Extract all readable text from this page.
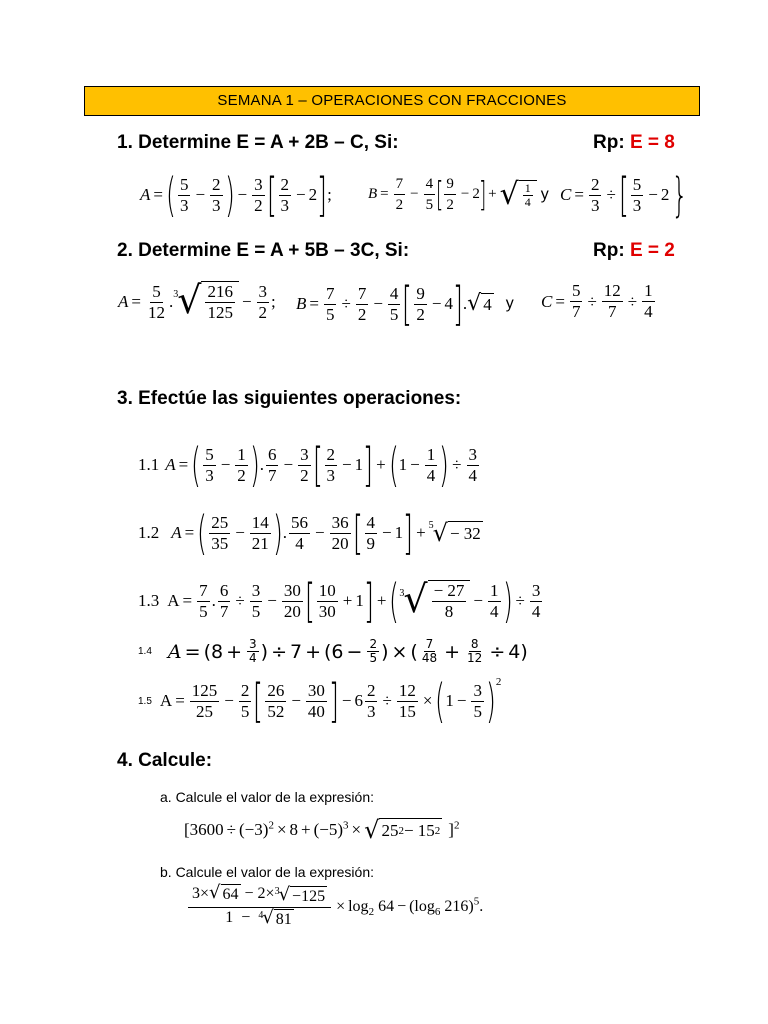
SEMANA 1 – OPERACIONES CON FRACCIONES
1. Determine E = A + 2B – C, Si:	Rp: E = 8
A = ( $\frac{5}{3} - \frac{2}{3}$ ) − $\frac{3}{2}$ [ $\frac{2}{3} - 2$ ] ; $B = \frac{7}{2} - \frac{4}{5}$ [ $\frac{9}{2} - 2$
] + √ $\frac{1}{4}$ y $C = \frac{2}{3}$ ÷ [ $\frac{5}{3} - 2$ }
2. Determine E = A + 5B – 3C, Si:	Rp: E = 2
$A = \frac{5}{12}$ . 3 √ $\frac{216}{125} - \frac{3}{2}$ ; $B = \frac{7}{5} \div \frac{7}{2} - \frac{4}{5}$ [ $\frac{9}{2} - 4$ ] . √ 4 y $C = \frac{5}{7} \div \frac{12}{7} \div \frac{1}{4}$
3. Efectúe las siguientes operaciones:
1.1 A = ( $\frac{5}{3} - \frac{1}{2}$ ) . $\frac{6}{7} - \frac{3}{2}$ [ $\frac{2}{3} - 1$ ] + ( $1 - \frac{1}{4}$ ) ÷ $\frac{3}{4}$
1.2 A = ( $\frac{25}{35} - \frac{14}{21}$ ) . $\frac{56}{4} - \frac{36}{20}$ [ $\frac{4}{9} - 1$ ] + 5 √ − 32
1.3 $A = \frac{7}{5}$ . $\frac{6}{7} \div \frac{3}{5} - \frac{30}{20}$ [ $\frac{10}{30} + 1$ ] + ( 3 √ $\frac{- 27}{8} - \frac{1}{4}$ ) ÷ $\frac{3}{4}$
1.4 $A = (8 + \frac{3}{4}$ ) ÷ $7 + (6 - \frac{2}{5}$ ) × ( $\frac{7}{48} + \frac{8}{12} \div 4$)
1.5 $A = \frac{125}{25} - \frac{2}{5}$ [ $\frac{26}{52} - \frac{30}{40}$ ] − $6 \frac{2}{3} \div \frac{12}{15}$ × ( $1 - \frac{3}{5}$ ) 2
4. Calcule:
a. Calcule el valor de la expresión:
[$3600 \div (-3)^2 \times 8 + (-5)^3$ × √ 25 2 − 15 2 ]$^2$
b. Calcule el valor de la expresión:
$\frac{3\times √ 64 - 2\times 3 √ -125}{1 - 4 √ 81} \times \log_2 64 - (\log_6$ 216)$^5$ .
